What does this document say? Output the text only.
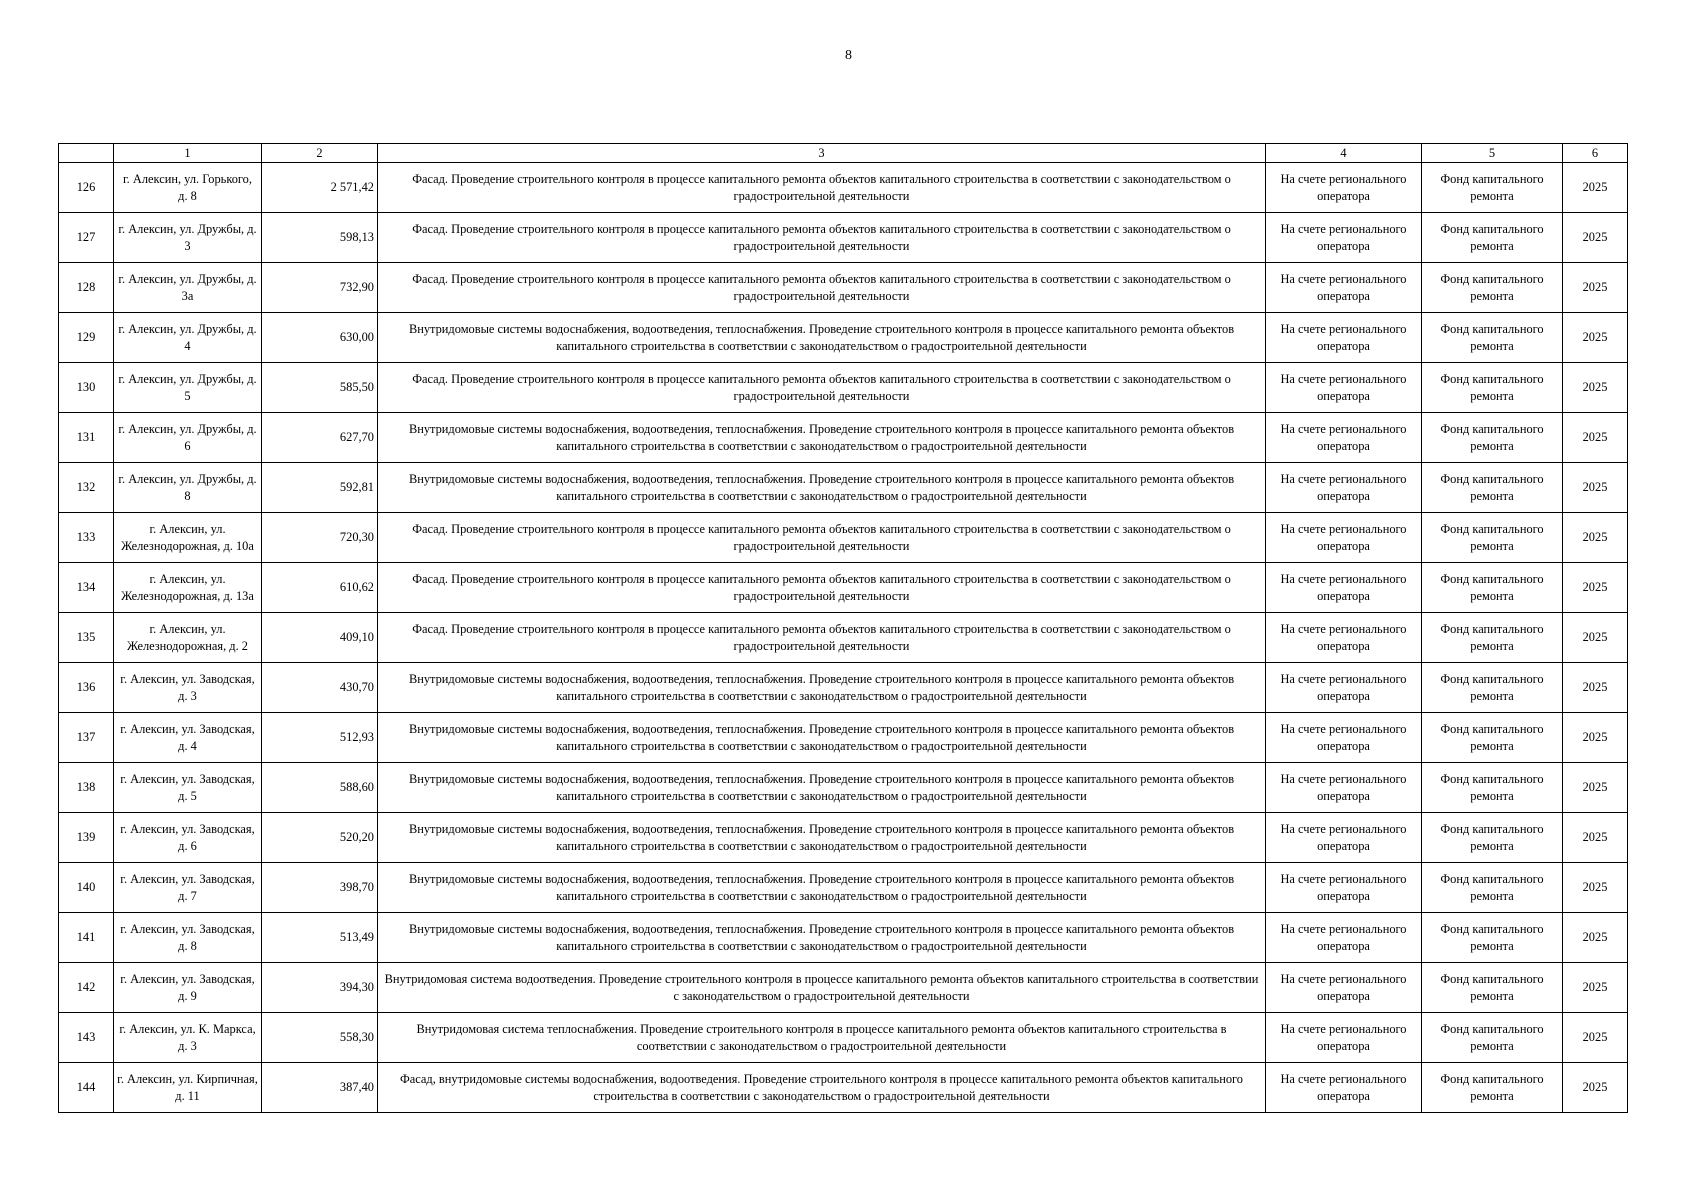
8
	1	2	3	4	5	6
126	г. Алексин, ул. Горького, д. 8	2 571,42	Фасад. Проведение строительного контроля в процессе капитального ремонта объектов капитального строительства в соответствии с законодательством о градостроительной деятельности	На счете регионального оператора	Фонд капитального ремонта	2025
127	г. Алексин, ул. Дружбы, д. 3	598,13	Фасад. Проведение строительного контроля в процессе капитального ремонта объектов капитального строительства в соответствии с законодательством о градостроительной деятельности	На счете регионального оператора	Фонд капитального ремонта	2025
128	г. Алексин, ул. Дружбы, д. 3а	732,90	Фасад. Проведение строительного контроля в процессе капитального ремонта объектов капитального строительства в соответствии с законодательством о градостроительной деятельности	На счете регионального оператора	Фонд капитального ремонта	2025
129	г. Алексин, ул. Дружбы, д. 4	630,00	Внутридомовые системы водоснабжения, водоотведения, теплоснабжения. Проведение строительного контроля в процессе капитального ремонта объектов капитального строительства в соответствии с законодательством о градостроительной деятельности	На счете регионального оператора	Фонд капитального ремонта	2025
130	г. Алексин, ул. Дружбы, д. 5	585,50	Фасад. Проведение строительного контроля в процессе капитального ремонта объектов капитального строительства в соответствии с законодательством о градостроительной деятельности	На счете регионального оператора	Фонд капитального ремонта	2025
131	г. Алексин, ул. Дружбы, д. 6	627,70	Внутридомовые системы водоснабжения, водоотведения, теплоснабжения. Проведение строительного контроля в процессе капитального ремонта объектов капитального строительства в соответствии с законодательством о градостроительной деятельности	На счете регионального оператора	Фонд капитального ремонта	2025
132	г. Алексин, ул. Дружбы, д. 8	592,81	Внутридомовые системы водоснабжения, водоотведения, теплоснабжения. Проведение строительного контроля в процессе капитального ремонта объектов капитального строительства в соответствии с законодательством о градостроительной деятельности	На счете регионального оператора	Фонд капитального ремонта	2025
133	г. Алексин, ул. Железнодорожная, д. 10а	720,30	Фасад. Проведение строительного контроля в процессе капитального ремонта объектов капитального строительства в соответствии с законодательством о градостроительной деятельности	На счете регионального оператора	Фонд капитального ремонта	2025
134	г. Алексин, ул. Железнодорожная, д. 13а	610,62	Фасад. Проведение строительного контроля в процессе капитального ремонта объектов капитального строительства в соответствии с законодательством о градостроительной деятельности	На счете регионального оператора	Фонд капитального ремонта	2025
135	г. Алексин, ул. Железнодорожная, д. 2	409,10	Фасад. Проведение строительного контроля в процессе капитального ремонта объектов капитального строительства в соответствии с законодательством о градостроительной деятельности	На счете регионального оператора	Фонд капитального ремонта	2025
136	г. Алексин, ул. Заводская, д. 3	430,70	Внутридомовые системы водоснабжения, водоотведения, теплоснабжения. Проведение строительного контроля в процессе капитального ремонта объектов капитального строительства в соответствии с законодательством о градостроительной деятельности	На счете регионального оператора	Фонд капитального ремонта	2025
137	г. Алексин, ул. Заводская, д. 4	512,93	Внутридомовые системы водоснабжения, водоотведения, теплоснабжения. Проведение строительного контроля в процессе капитального ремонта объектов капитального строительства в соответствии с законодательством о градостроительной деятельности	На счете регионального оператора	Фонд капитального ремонта	2025
138	г. Алексин, ул. Заводская, д. 5	588,60	Внутридомовые системы водоснабжения, водоотведения, теплоснабжения. Проведение строительного контроля в процессе капитального ремонта объектов капитального строительства в соответствии с законодательством о градостроительной деятельности	На счете регионального оператора	Фонд капитального ремонта	2025
139	г. Алексин, ул. Заводская, д. 6	520,20	Внутридомовые системы водоснабжения, водоотведения, теплоснабжения. Проведение строительного контроля в процессе капитального ремонта объектов капитального строительства в соответствии с законодательством о градостроительной деятельности	На счете регионального оператора	Фонд капитального ремонта	2025
140	г. Алексин, ул. Заводская, д. 7	398,70	Внутридомовые системы водоснабжения, водоотведения, теплоснабжения. Проведение строительного контроля в процессе капитального ремонта объектов капитального строительства в соответствии с законодательством о градостроительной деятельности	На счете регионального оператора	Фонд капитального ремонта	2025
141	г. Алексин, ул. Заводская, д. 8	513,49	Внутридомовые системы водоснабжения, водоотведения, теплоснабжения. Проведение строительного контроля в процессе капитального ремонта объектов капитального строительства в соответствии с законодательством о градостроительной деятельности	На счете регионального оператора	Фонд капитального ремонта	2025
142	г. Алексин, ул. Заводская, д. 9	394,30	Внутридомовая система водоотведения. Проведение строительного контроля в процессе капитального ремонта объектов капитального строительства в соответствии с законодательством о градостроительной деятельности	На счете регионального оператора	Фонд капитального ремонта	2025
143	г. Алексин, ул. К. Маркса, д. 3	558,30	Внутридомовая система теплоснабжения. Проведение строительного контроля в процессе капитального ремонта объектов капитального строительства в соответствии с законодательством о градостроительной деятельности	На счете регионального оператора	Фонд капитального ремонта	2025
144	г. Алексин, ул. Кирпичная, д. 11	387,40	Фасад, внутридомовые системы водоснабжения, водоотведения. Проведение строительного контроля в процессе капитального ремонта объектов капитального строительства в соответствии с законодательством о градостроительной деятельности	На счете регионального оператора	Фонд капитального ремонта	2025
